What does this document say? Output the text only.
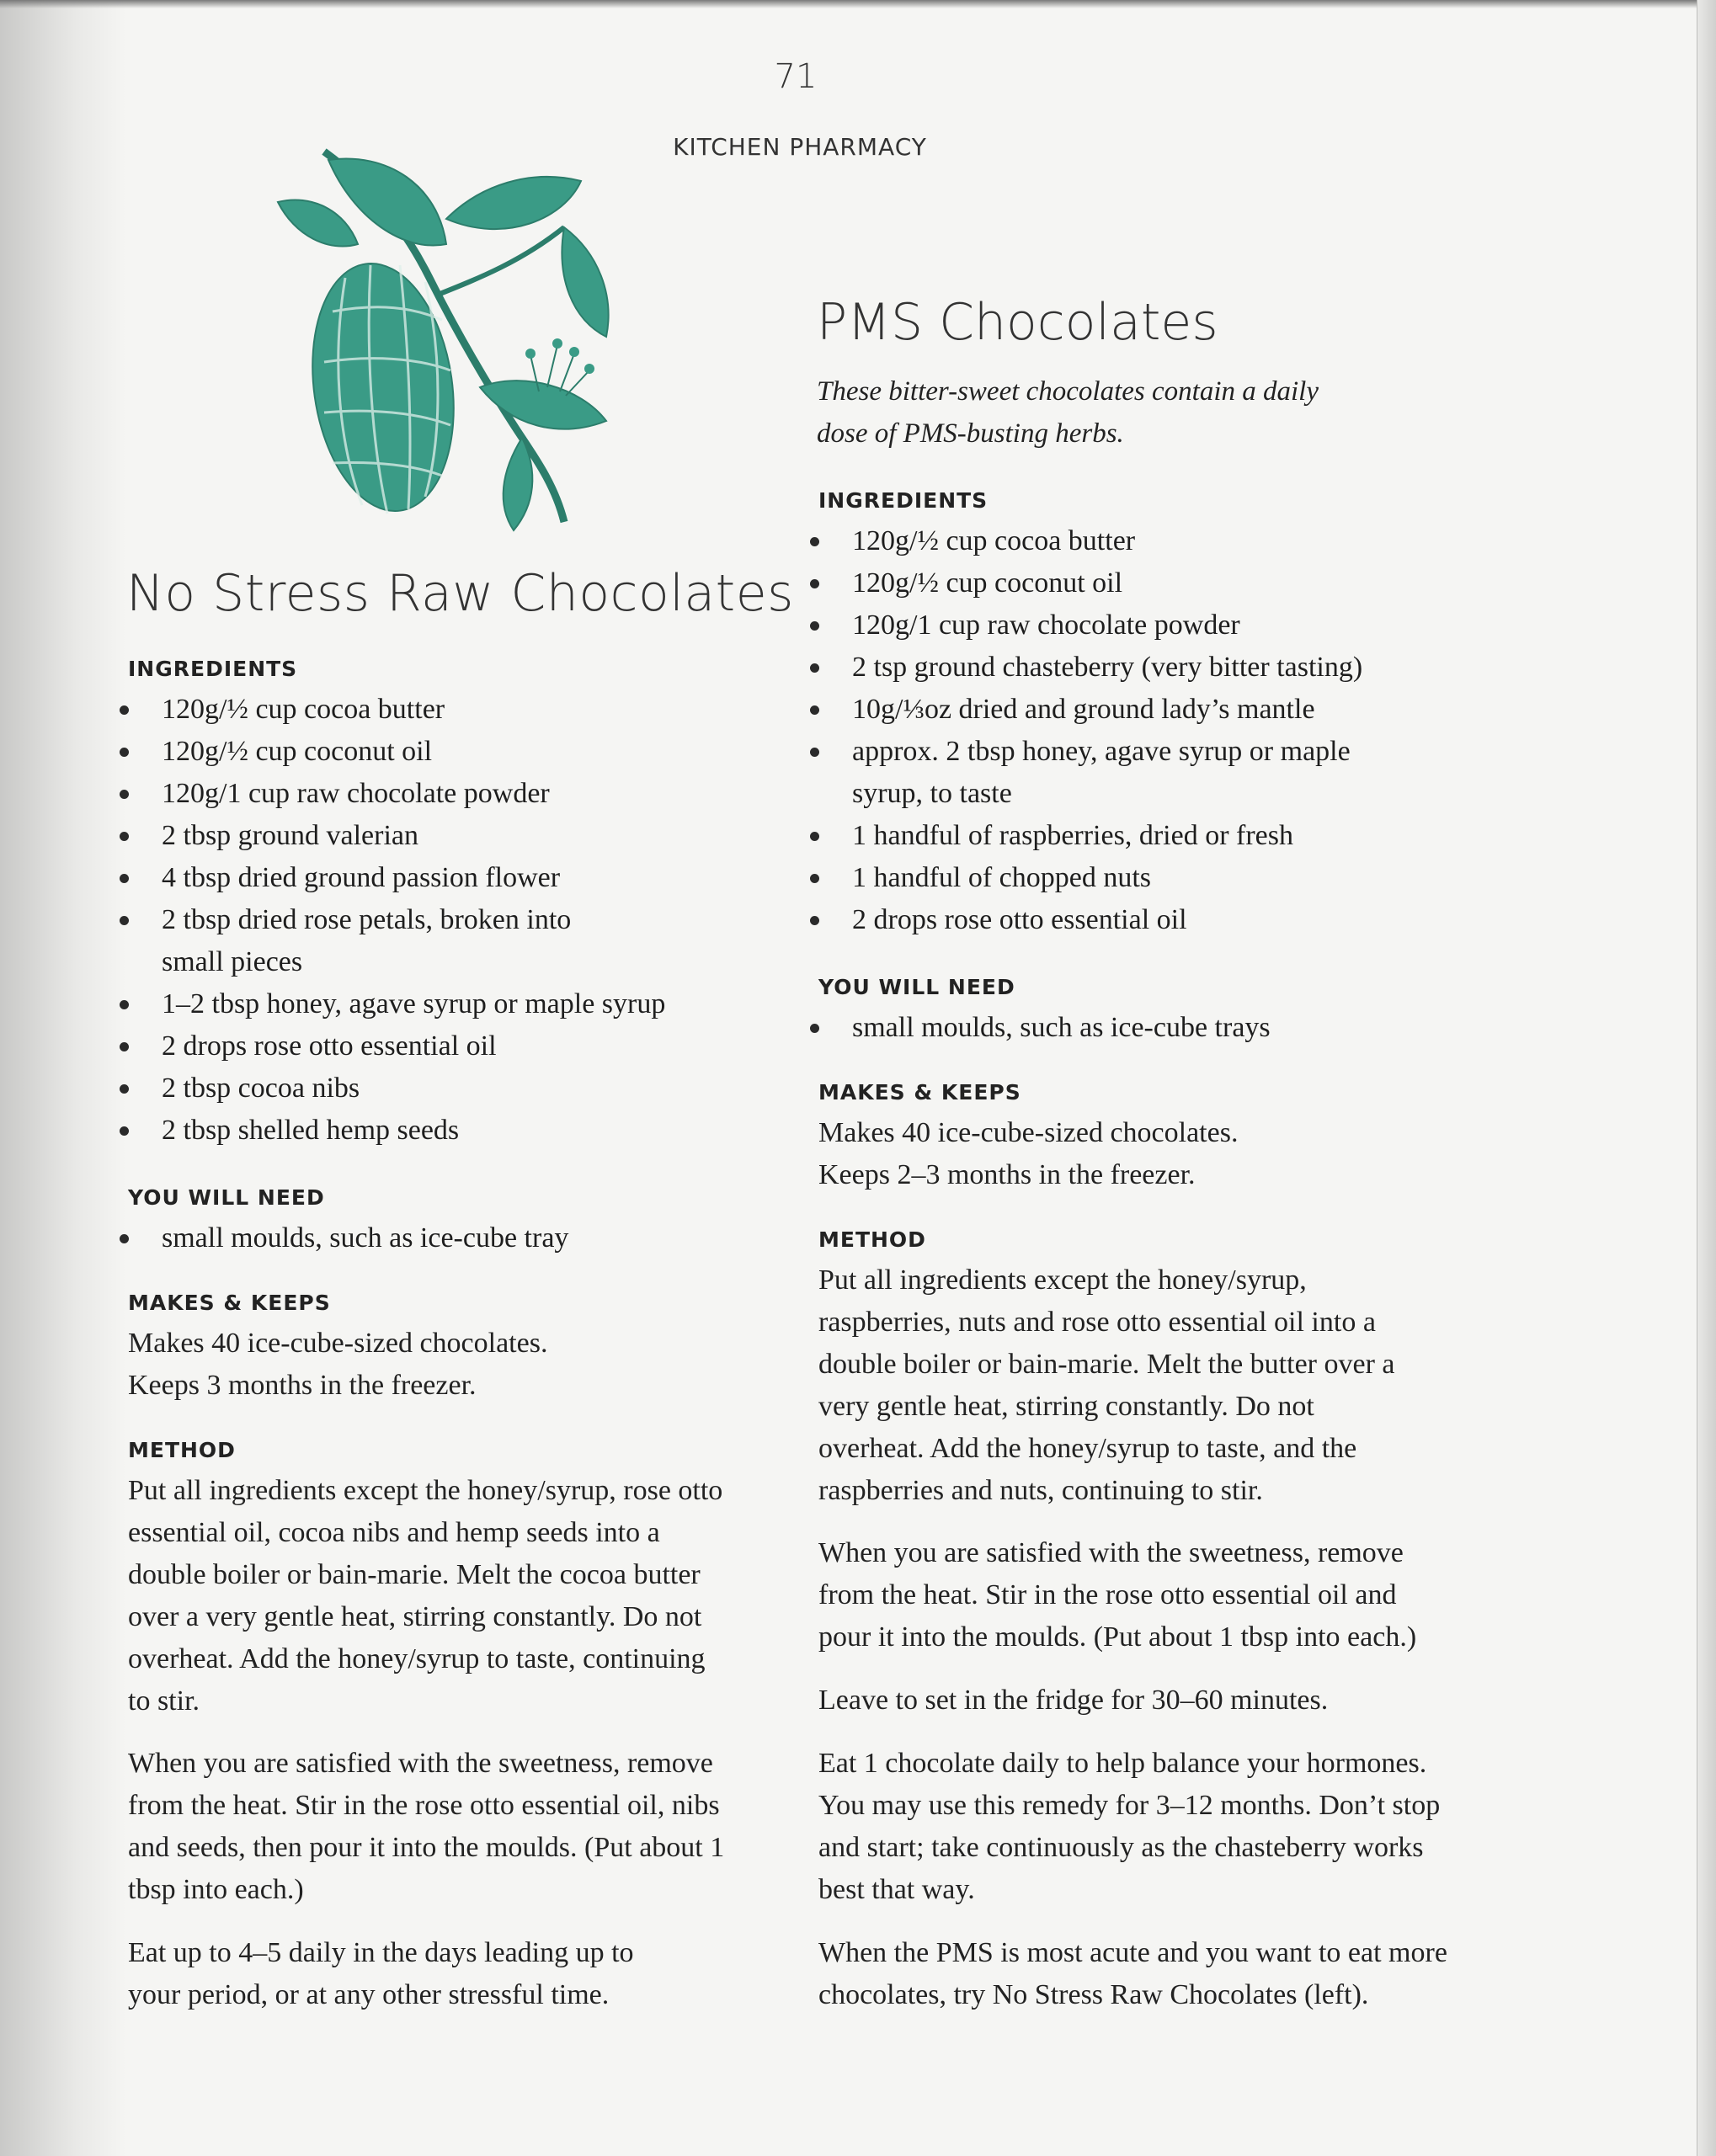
71
KITCHEN PHARMACY
No Stress Raw Chocolates
INGREDIENTS
120g/½ cup cocoa butter
120g/½ cup coconut oil
120g/1 cup raw chocolate powder
2 tbsp ground valerian
4 tbsp dried ground passion flower
2 tbsp dried rose petals, broken into small pieces
1–2 tbsp honey, agave syrup or maple syrup
2 drops rose otto essential oil
2 tbsp cocoa nibs
2 tbsp shelled hemp seeds
YOU WILL NEED
small moulds, such as ice-cube tray
MAKES & KEEPS

Makes 40 ice-cube-sized chocolates.

Keeps 3 months in the freezer.

METHOD

Put all ingredients except the honey/syrup, rose otto essential oil, cocoa nibs and hemp seeds into a double boiler or bain-marie. Melt the cocoa butter over a very gentle heat, stirring constantly. Do not overheat. Add the honey/syrup to taste, continuing to stir.

When you are satisfied with the sweetness, remove from the heat. Stir in the rose otto essential oil, nibs and seeds, then pour it into the moulds. (Put about 1 tbsp into each.)

Eat up to 4–5 daily in the days leading up to your period, or at any other stressful time.

PMS Chocolates

These bitter-sweet chocolates contain a daily dose of PMS-busting herbs.

INGREDIENTS
120g/½ cup cocoa butter
120g/½ cup coconut oil
120g/1 cup raw chocolate powder
2 tsp ground chasteberry (very bitter tasting)
10g/⅓oz dried and ground lady’s mantle
approx. 2 tbsp honey, agave syrup or maple syrup, to taste
1 handful of raspberries, dried or fresh
1 handful of chopped nuts
2 drops rose otto essential oil
YOU WILL NEED
small moulds, such as ice-cube trays
MAKES & KEEPS

Makes 40 ice-cube-sized chocolates.

Keeps 2–3 months in the freezer.

METHOD

Put all ingredients except the honey/syrup, raspberries, nuts and rose otto essential oil into a double boiler or bain-marie. Melt the butter over a very gentle heat, stirring constantly. Do not overheat. Add the honey/syrup to taste, and the raspberries and nuts, continuing to stir.

When you are satisfied with the sweetness, remove from the heat. Stir in the rose otto essential oil and pour it into the moulds. (Put about 1 tbsp into each.)

Leave to set in the fridge for 30–60 minutes.

Eat 1 chocolate daily to help balance your hormones. You may use this remedy for 3–12 months. Don’t stop and start; take continuously as the chasteberry works best that way.

When the PMS is most acute and you want to eat more chocolates, try No Stress Raw Chocolates (left).
